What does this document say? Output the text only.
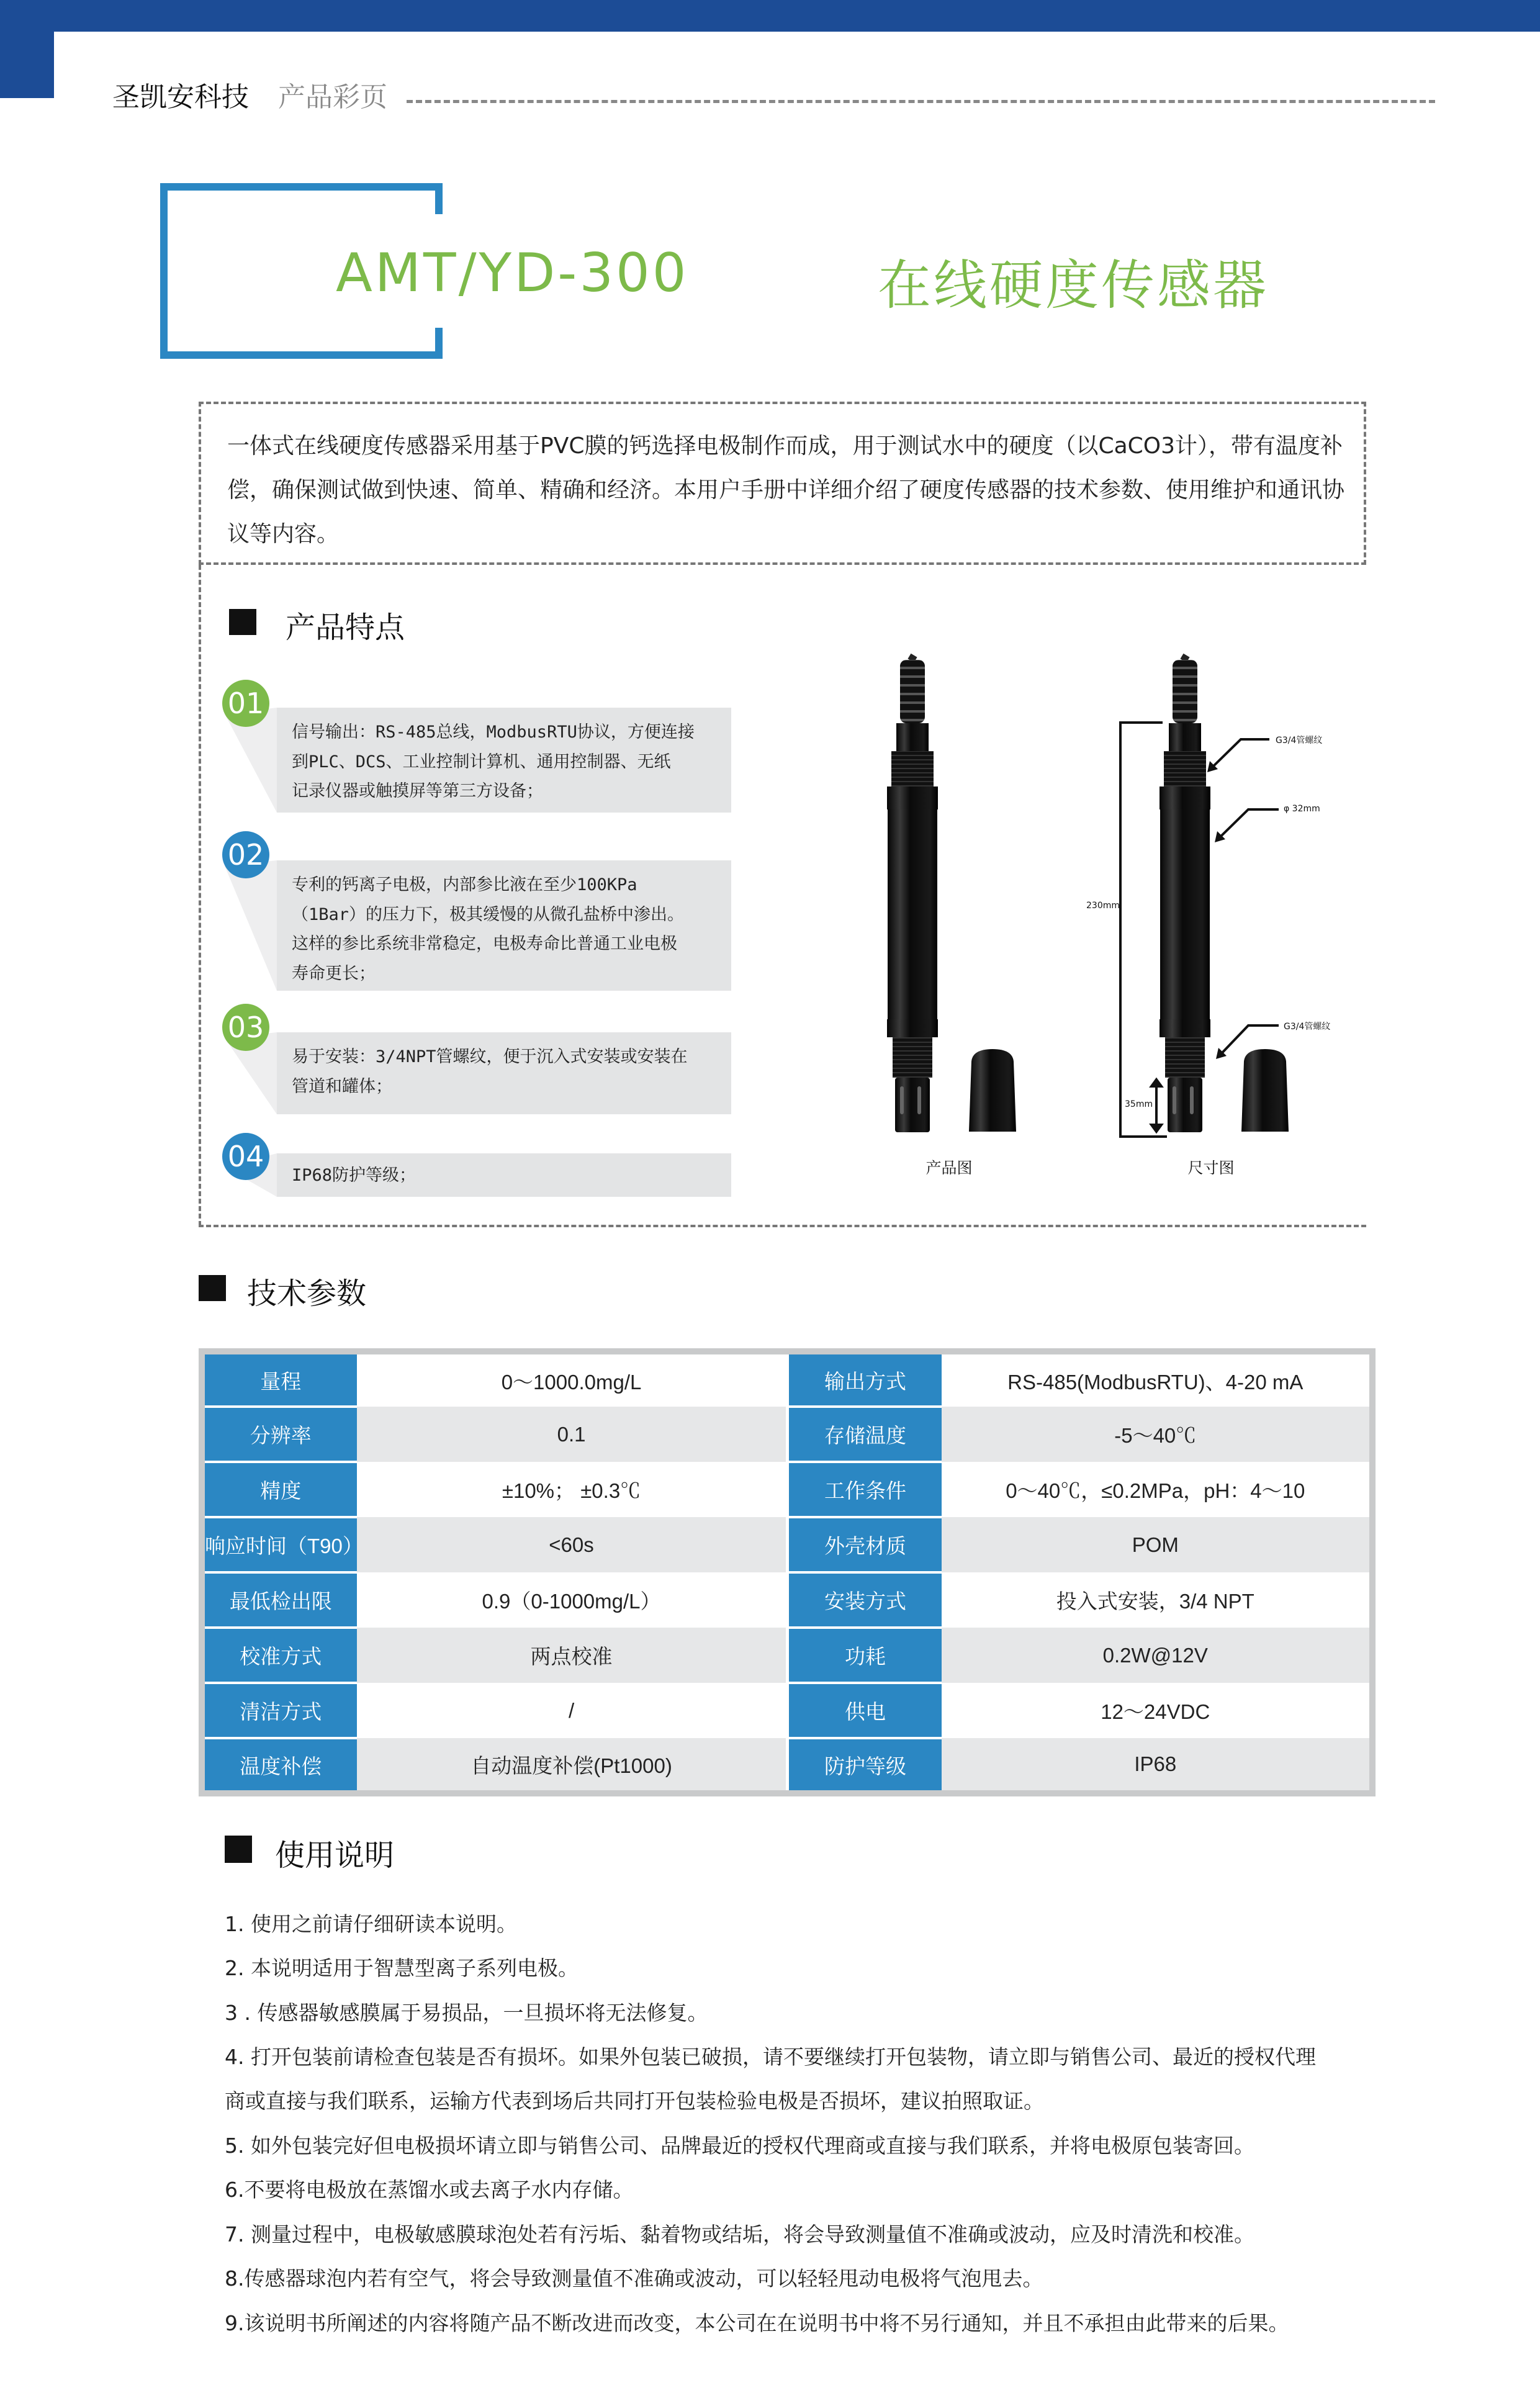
圣凯安科技 产品彩页
AMT/YD-300	在线硬度传感器

一体式在线硬度传感器采用基于PVC膜的钙选择电极制作而成，用于测试水中的硬度（以CaCO3计），带有温度补偿，确保测试做到快速、简单、精确和经济。本用户手册中详细介绍了硬度传感器的技术参数、使用维护和通讯协议等内容。

产品特点
信号输出：RS-485总线，ModbusRTU协议，方便连接
到PLC、DCS、工业控制计算机、通用控制器、无纸
记录仪器或触摸屏等第三方设备；
专利的钙离子电极，内部参比液在至少100KPa
（1Bar）的压力下，极其缓慢的从微孔盐桥中渗出。
这样的参比系统非常稳定，电极寿命比普通工业电极
寿命更长；
易于安装：3/4NPT管螺纹，便于沉入式安装或安装在
管道和罐体；
IP68防护等级；
01
02
03
04
G3/4管螺纹
φ 32mm
G3/4管螺纹
230mm
35mm
产品图	尺寸图
技术参数
量程	0～1000.0mg/L	输出方式	RS-485(ModbusRTU)、4-20 mA
分辨率	0.1	存储温度	-5～40℃
精度	±10%； ±0.3℃	工作条件	0～40℃，≤0.2MPa，pH：4～10
响应时间（T90）	<60s	外壳材质	POM
最低检出限	0.9（0-1000mg/L）	安装方式	投入式安装，3/4 NPT
校准方式	两点校准	功耗	0.2W@12V
清洁方式	/	供电	12～24VDC
温度补偿	自动温度补偿(Pt1000)	防护等级	IP68
使用说明
1. 使用之前请仔细研读本说明。
2. 本说明适用于智慧型离子系列电极。
3 . 传感器敏感膜属于易损品，一旦损坏将无法修复。
4. 打开包装前请检查包装是否有损坏。如果外包装已破损，请不要继续打开包装物，请立即与销售公司、最近的授权代理
商或直接与我们联系，运输方代表到场后共同打开包装检验电极是否损坏，建议拍照取证。
5. 如外包装完好但电极损坏请立即与销售公司、品牌最近的授权代理商或直接与我们联系，并将电极原包装寄回。
6.不要将电极放在蒸馏水或去离子水内存储。
7. 测量过程中，电极敏感膜球泡处若有污垢、黏着物或结垢，将会导致测量值不准确或波动，应及时清洗和校准。
8.传感器球泡内若有空气，将会导致测量值不准确或波动，可以轻轻甩动电极将气泡甩去。
9.该说明书所阐述的内容将随产品不断改进而改变，本公司在在说明书中将不另行通知，并且不承担由此带来的后果。
